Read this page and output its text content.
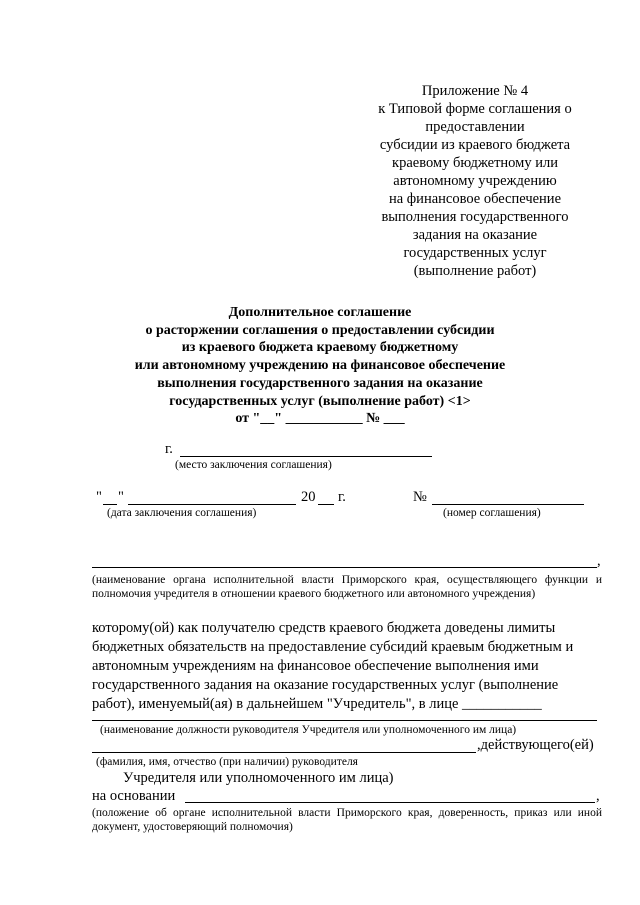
Приложение № 4
к Типовой форме соглашения о
предоставлении
субсидии из краевого бюджета
краевому бюджетному или
автономному учреждению
на финансовое обеспечение
выполнения государственного
задания на оказание
государственных услуг
(выполнение работ)
Дополнительное соглашение
о расторжении соглашения о предоставлении субсидии
из краевого бюджета краевому бюджетному
или автономному учреждению на финансовое обеспечение
выполнения государственного задания на оказание
государственных услуг (выполнение работ) <1>
от "__" ___________ № ___
г.
(место заключения соглашения)
" "	20 г.
(дата заключения соглашения)
№
(номер соглашения)
,
(наименование органа исполнительной власти Приморского края, осуществляющего функции и полномочия учредителя в отношении краевого бюджетного или автономного учреждения)
которому(ой) как получателю средств краевого бюджета доведены лимиты
бюджетных обязательств на предоставление субсидий краевым бюджетным и
автономным учреждениям на финансовое обеспечение выполнения ими
государственного задания на оказание государственных услуг (выполнение
работ), именуемый(ая) в дальнейшем "Учредитель", в лице ___________
(наименование должности руководителя Учредителя или уполномоченного им лица)
,действующего(ей)
(фамилия, имя, отчество (при наличии) руководителя
Учредителя или уполномоченного им лица)
на основании	,
(положение об органе исполнительной власти Приморского края, доверенность, приказ или иной документ, удостоверяющий полномочия)
